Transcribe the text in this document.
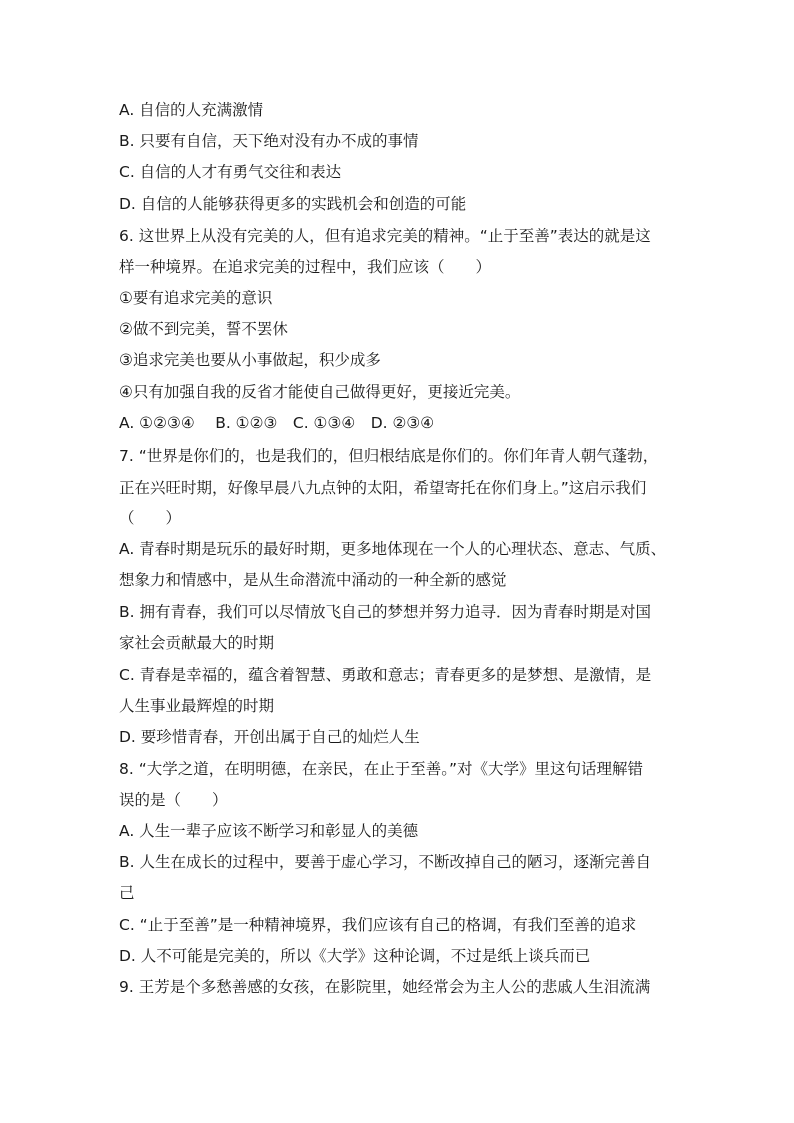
A. 自信的人充满激情
B. 只要有自信，天下绝对没有办不成的事情
C. 自信的人才有勇气交往和表达
D. 自信的人能够获得更多的实践机会和创造的可能
6. 这世界上从没有完美的人，但有追求完美的精神。“止于至善”表达的就是这
样一种境界。在追求完美的过程中，我们应该（　　）
①要有追求完美的意识
②做不到完美，誓不罢休
③追求完美也要从小事做起，积少成多
④只有加强自我的反省才能使自己做得更好，更接近完美。
A. ①②③④　 B. ①②③　C. ①③④　D. ②③④
7. “世界是你们的，也是我们的，但归根结底是你们的。你们年青人朝气蓬勃，
正在兴旺时期，好像早晨八九点钟的太阳，希望寄托在你们身上。”这启示我们
（　　）
A. 青春时期是玩乐的最好时期，更多地体现在一个人的心理状态、意志、气质、
想象力和情感中，是从生命潜流中涌动的一种全新的感觉
B. 拥有青春，我们可以尽情放飞自己的梦想并努力追寻．因为青春时期是对国
家社会贡献最大的时期
C. 青春是幸福的，蕴含着智慧、勇敢和意志；青春更多的是梦想、是激情，是
人生事业最辉煌的时期
D. 要珍惜青春，开创出属于自己的灿烂人生
8. “大学之道，在明明德，在亲民，在止于至善。”对《大学》里这句话理解错
误的是（　　）
A. 人生一辈子应该不断学习和彰显人的美德
B. 人生在成长的过程中，要善于虚心学习，不断改掉自己的陋习，逐渐完善自
己
C. “止于至善”是一种精神境界，我们应该有自己的格调，有我们至善的追求
D. 人不可能是完美的，所以《大学》这种论调，不过是纸上谈兵而已
9. 王芳是个多愁善感的女孩，在影院里，她经常会为主人公的悲戚人生泪流满
